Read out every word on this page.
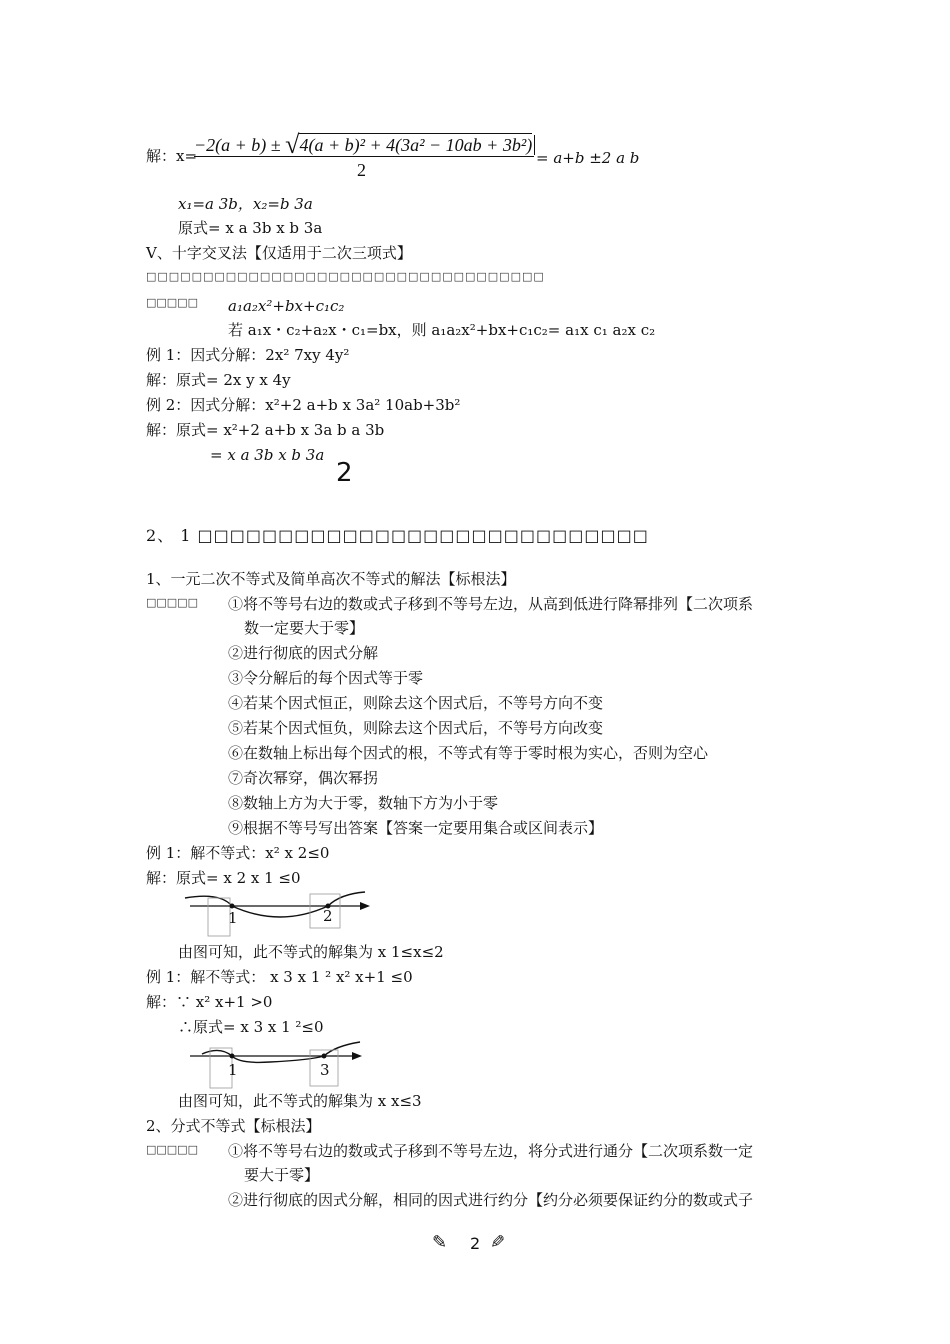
解：x=
−2(a + b) ± √4(a + b)² + 4(3a² − 10ab + 3b²)
2
= a+b ±2 a b
x₁=a 3b，x₂=b 3a
原式= x a 3b x b 3a
V、十字交叉法【仅适用于二次三项式】
□□□□□□□□□□□□□□□□□□□□□□□□□□□□□□□□□□□
□□□□□ a₁a₂x²+bx+c₁c₂
若 a₁x・c₂+a₂x・c₁=bx，则 a₁a₂x²+bx+c₁c₂= a₁x c₁ a₂x c₂
例 1：因式分解：2x² 7xy 4y²
解：原式= 2x y x 4y
例 2：因式分解：x²+2 a+b x 3a² 10ab+3b²
解：原式= x²+2 a+b x 3a b a 3b
= x a 3b x b 3a
2
2、 1 □□□□□□□□□□□□□□□□□□□□□□□□□□□□
1、一元二次不等式及简单高次不等式的解法【标根法】
□□□□□ ①将不等号右边的数或式子移到不等号左边，从高到低进行降幂排列【二次项系
数一定要大于零】
②进行彻底的因式分解
③令分解后的每个因式等于零
④若某个因式恒正，则除去这个因式后，不等号方向不变
⑤若某个因式恒负，则除去这个因式后，不等号方向改变
⑥在数轴上标出每个因式的根，不等式有等于零时根为实心，否则为空心
⑦奇次幂穿，偶次幂拐
⑧数轴上方为大于零，数轴下方为小于零
⑨根据不等号写出答案【答案一定要用集合或区间表示】
例 1：解不等式：x² x 2≤0
解：原式= x 2 x 1 ≤0
1	2
由图可知，此不等式的解集为 x 1≤x≤2
例 1：解不等式： x 3 x 1 ² x² x+1 ≤0
解：∵ x² x+1 >0
∴原式= x 3 x 1 ²≤0
1	3
由图可知，此不等式的解集为 x x≤3
2、分式不等式【标根法】
□□□□□ ①将不等号右边的数或式子移到不等号左边，将分式进行通分【二次项系数一定
要大于零】
②进行彻底的因式分解，相同的因式进行约分【约分必须要保证约分的数或式子
✎ 2 ✎
